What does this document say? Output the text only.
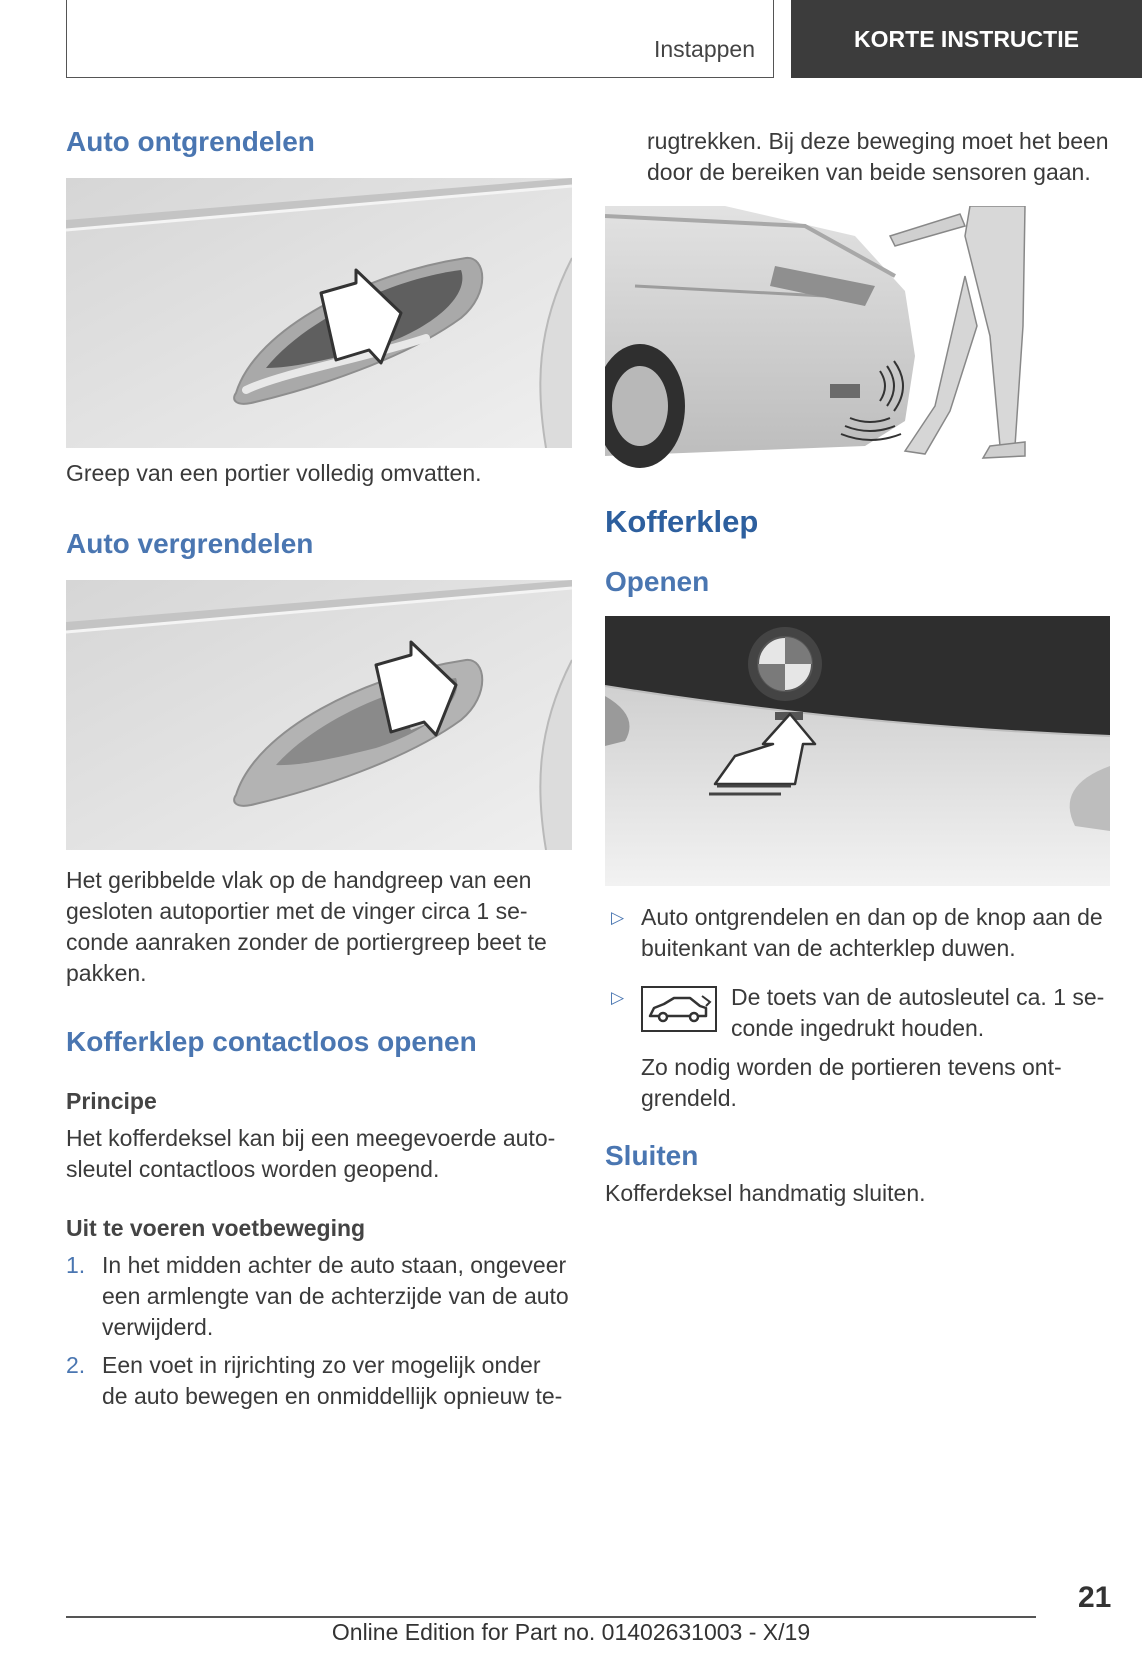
Instappen	KORTE INSTRUCTIE
Auto ontgrendelen

Greep van een portier volledig omvatten.

Auto vergrendelen

Het geribbelde vlak op de handgreep van een gesloten autoportier met de vinger circa 1 se-conde aanraken zonder de portiergreep beet te pakken.

Kofferklep contactloos openen
Principe

Het kofferdeksel kan bij een meegevoerde auto-sleutel contactloos worden geopend.

Uit te voeren voetbeweging
1. In het midden achter de auto staan, ongeveer een armlengte van de achterzijde van de auto verwijderd.
2. Een voet in rijrichting zo ver mogelijk onder de auto bewegen en onmiddellijk opnieuw te-

rugtrekken. Bij deze beweging moet het been door de bereiken van beide sensoren gaan.

Kofferklep
Openen
▷ Auto ontgrendelen en dan op de knop aan de buitenkant van de achterklep duwen.
▷	De toets van de autosleutel ca. 1 se-conde ingedrukt houden.

Zo nodig worden de portieren tevens ont-grendeld.

Sluiten

Kofferdeksel handmatig sluiten.

21
Online Edition for Part no. 01402631003 - X/19
